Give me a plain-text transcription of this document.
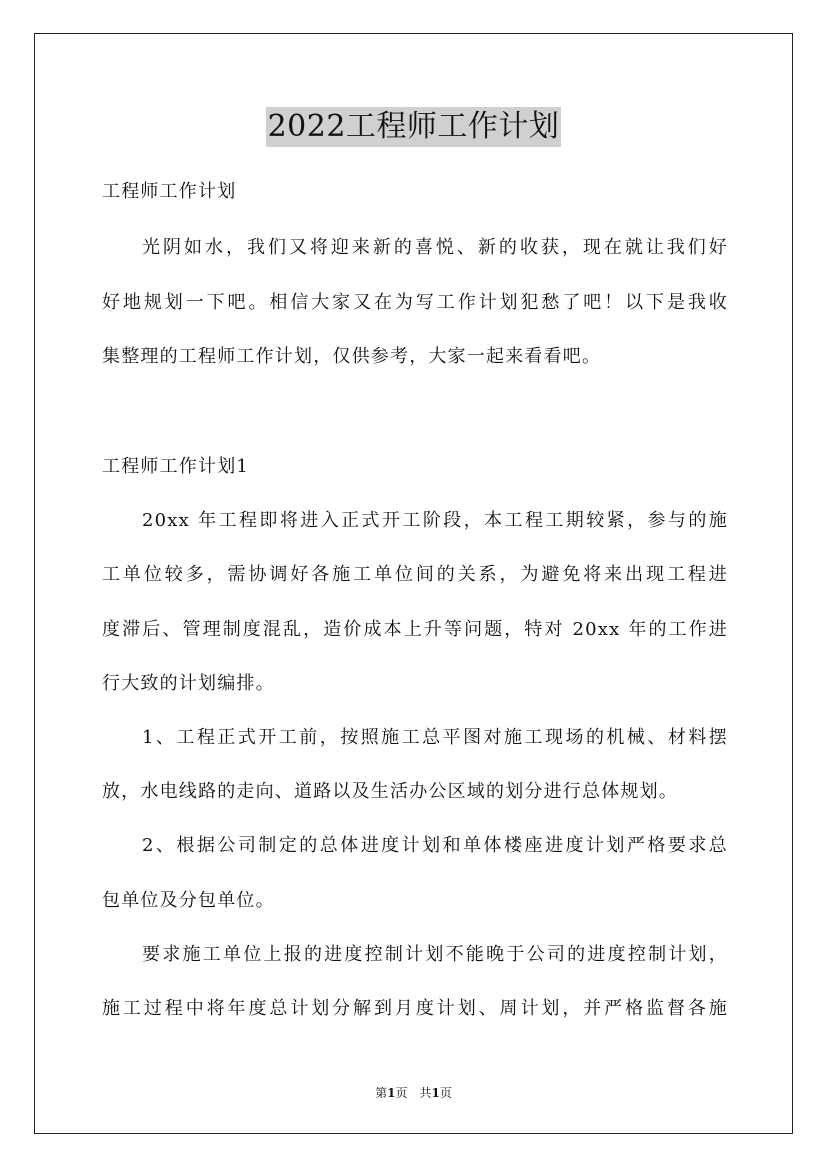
2022工程师工作计划
工程师工作计划
光阴如水，我们又将迎来新的喜悦、新的收获，现在就让我们好
好地规划一下吧。相信大家又在为写工作计划犯愁了吧！以下是我收
集整理的工程师工作计划，仅供参考，大家一起来看看吧。
工程师工作计划1
20xx 年工程即将进入正式开工阶段，本工程工期较紧，参与的施
工单位较多，需协调好各施工单位间的关系，为避免将来出现工程进
度滞后、管理制度混乱，造价成本上升等问题，特对 20xx 年的工作进
行大致的计划编排。
1、工程正式开工前，按照施工总平图对施工现场的机械、材料摆
放，水电线路的走向、道路以及生活办公区域的划分进行总体规划。
2、根据公司制定的总体进度计划和单体楼座进度计划严格要求总
包单位及分包单位。
要求施工单位上报的进度控制计划不能晚于公司的进度控制计划，
施工过程中将年度总计划分解到月度计划、周计划，并严格监督各施
第1页　共1页
